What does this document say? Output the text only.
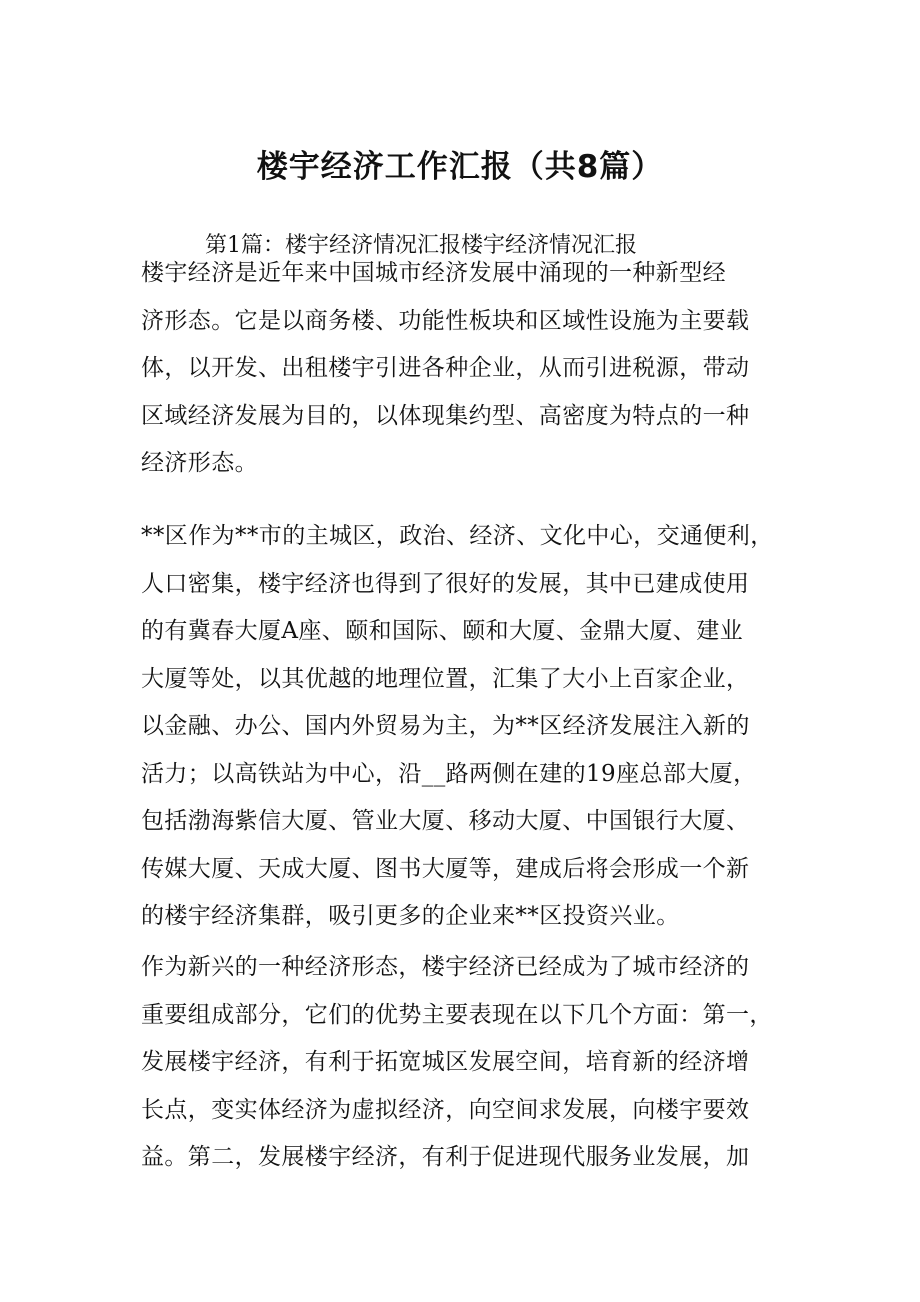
楼宇经济工作汇报（共8篇）
第1篇：楼宇经济情况汇报楼宇经济情况汇报
楼宇经济是近年来中国城市经济发展中涌现的一种新型经
济形态。它是以商务楼、功能性板块和区域性设施为主要载
体，以开发、出租楼宇引进各种企业，从而引进税源，带动
区域经济发展为目的，以体现集约型、高密度为特点的一种
经济形态。
**区作为**市的主城区，政治、经济、文化中心，交通便利，
人口密集，楼宇经济也得到了很好的发展，其中已建成使用
的有冀春大厦A座、颐和国际、颐和大厦、金鼎大厦、建业
大厦等处，以其优越的地理位置，汇集了大小上百家企业，
以金融、办公、国内外贸易为主，为**区经济发展注入新的
活力；以高铁站为中心，沿__路两侧在建的19座总部大厦，
包括渤海紫信大厦、管业大厦、移动大厦、中国银行大厦、
传媒大厦、天成大厦、图书大厦等，建成后将会形成一个新
的楼宇经济集群，吸引更多的企业来**区投资兴业。
作为新兴的一种经济形态，楼宇经济已经成为了城市经济的
重要组成部分，它们的优势主要表现在以下几个方面：第一，
发展楼宇经济，有利于拓宽城区发展空间，培育新的经济增
长点，变实体经济为虚拟经济，向空间求发展，向楼宇要效
益。第二，发展楼宇经济，有利于促进现代服务业发展，加
